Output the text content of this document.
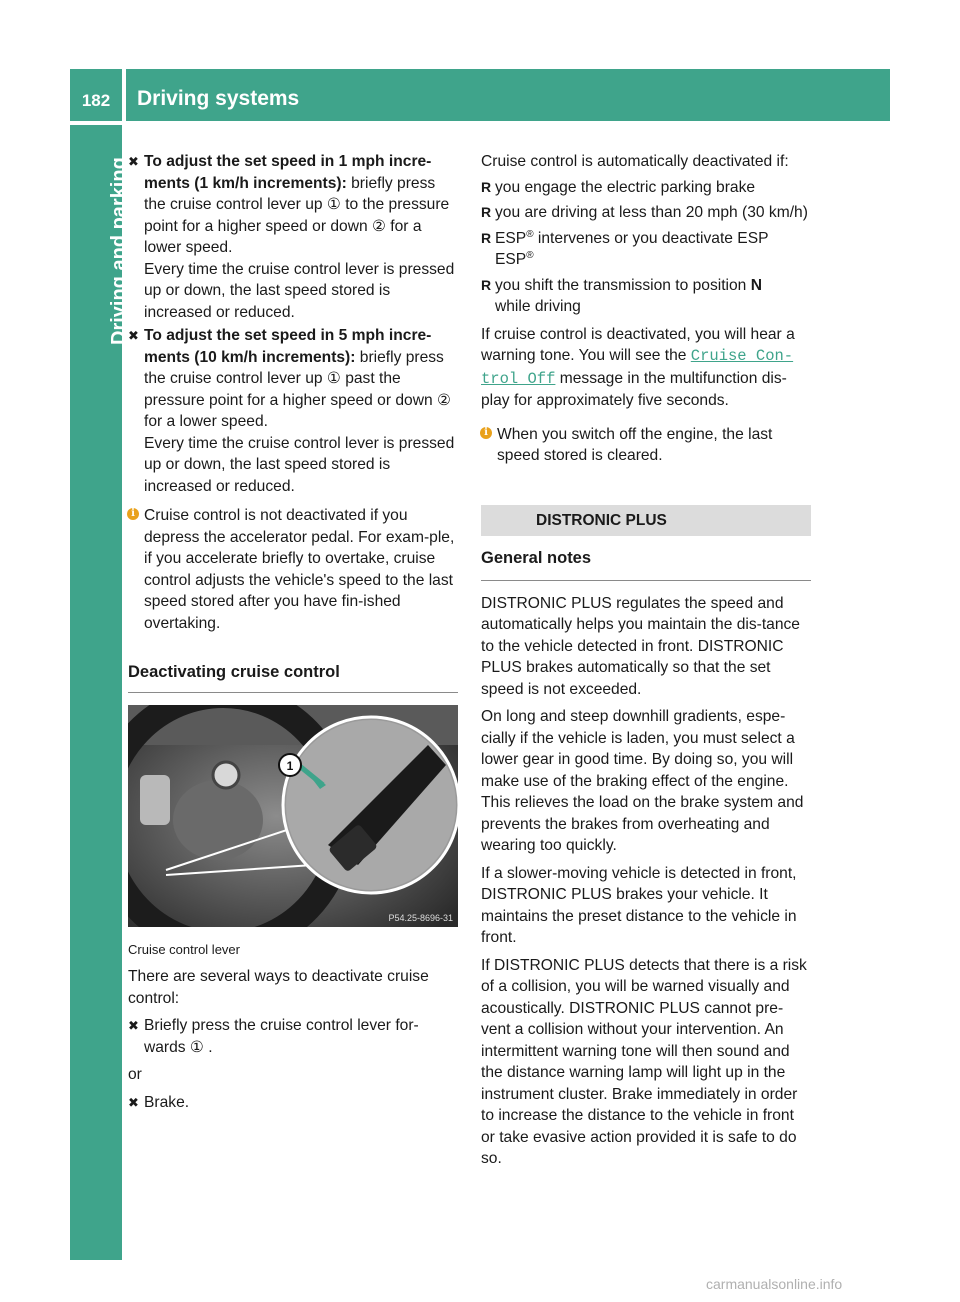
182	Driving systems
Driving and parking
✖ To adjust the set speed in 1 mph incre-ments (1 km/h increments): briefly press the cruise control lever up ① to the pressure point for a higher speed or down ② for a lower speed.
Every time the cruise control lever is pressed up or down, the last speed stored is increased or reduced.
✖ To adjust the set speed in 5 mph incre-ments (10 km/h increments): briefly press the cruise control lever up ① past the pressure point for a higher speed or down ② for a lower speed.
Every time the cruise control lever is pressed up or down, the last speed stored is increased or reduced.
i Cruise control is not deactivated if you depress the accelerator pedal. For exam-ple, if you accelerate briefly to overtake, cruise control adjusts the vehicle's speed to the last speed stored after you have fin-ished overtaking.
Deactivating cruise control
1
P54.25-8696-31
Cruise control lever
There are several ways to deactivate cruise control:
✖ Briefly press the cruise control lever for-wards ① .
or
✖ Brake.
Cruise control is automatically deactivated if:
R you engage the electric parking brake
R you are driving at less than 20 mph (30 km/h)
R ESP® intervenes or you deactivate ESP ESP®
R you shift the transmission to position N
while driving
If cruise control is deactivated, you will hear a warning tone. You will see the Cruise Con-trol Off message in the multifunction dis-play for approximately five seconds.
i When you switch off the engine, the last speed stored is cleared.
DISTRONIC PLUS
General notes
DISTRONIC PLUS regulates the speed and automatically helps you maintain the dis-tance to the vehicle detected in front. DISTRONIC PLUS brakes automatically so that the set speed is not exceeded.
On long and steep downhill gradients, espe-cially if the vehicle is laden, you must select a lower gear in good time. By doing so, you will make use of the braking effect of the engine. This relieves the load on the brake system and prevents the brakes from overheating and wearing too quickly.
If a slower-moving vehicle is detected in front, DISTRONIC PLUS brakes your vehicle. It maintains the preset distance to the vehicle in front.
If DISTRONIC PLUS detects that there is a risk of a collision, you will be warned visually and acoustically. DISTRONIC PLUS cannot pre-vent a collision without your intervention. An intermittent warning tone will then sound and the distance warning lamp will light up in the instrument cluster. Brake immediately in order to increase the distance to the vehicle in front or take evasive action provided it is safe to do so.
carmanualsonline.info
